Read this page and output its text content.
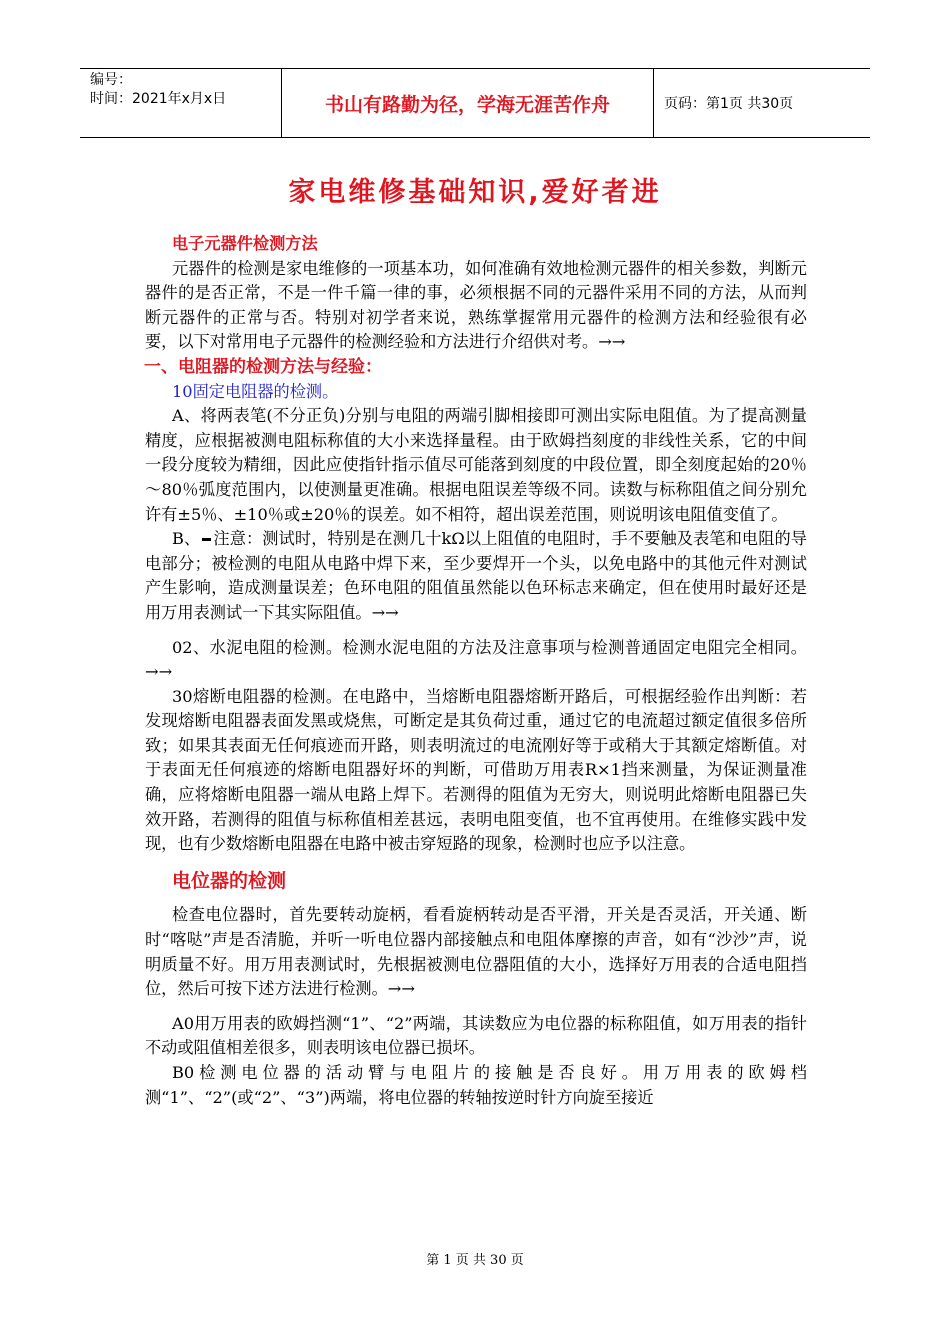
编号：
时间：2021年x月x日	书山有路勤为径，学海无涯苦作舟	页码：第1页 共30页
家电维修基础知识,爱好者进

电子元器件检测方法

元器件的检测是家电维修的一项基本功，如何准确有效地检测元器件的相关参数，判断元器件的是否正常，不是一件千篇一律的事，必须根据不同的元器件采用不同的方法，从而判断元器件的正常与否。特别对初学者来说，熟练掌握常用元器件的检测方法和经验很有必要，以下对常用电子元器件的检测经验和方法进行介绍供对考。→→

一、电阻器的检测方法与经验：

10固定电阻器的检测。

A、将两表笔(不分正负)分别与电阻的两端引脚相接即可测出实际电阻值。为了提高测量精度，应根据被测电阻标称值的大小来选择量程。由于欧姆挡刻度的非线性关系，它的中间一段分度较为精细，因此应使指针指示值尽可能落到刻度的中段位置，即全刻度起始的20％～80％弧度范围内，以使测量更准确。根据电阻误差等级不同。读数与标称阻值之间分别允许有±5％、±10％或±20％的误差。如不相符，超出误差范围，则说明该电阻值变值了。

B、 注意：测试时，特别是在测几十kΩ以上阻值的电阻时，手不要触及表笔和电阻的导电部分；被检测的电阻从电路中焊下来，至少要焊开一个头，以免电路中的其他元件对测试产生影响，造成测量误差；色环电阻的阻值虽然能以色环标志来确定，但在使用时最好还是用万用表测试一下其实际阻值。→→

02、水泥电阻的检测。检测水泥电阻的方法及注意事项与检测普通固定电阻完全相同。→→

30熔断电阻器的检测。在电路中，当熔断电阻器熔断开路后，可根据经验作出判断：若发现熔断电阻器表面发黑或烧焦，可断定是其负荷过重，通过它的电流超过额定值很多倍所致；如果其表面无任何痕迹而开路，则表明流过的电流刚好等于或稍大于其额定熔断值。对于表面无任何痕迹的熔断电阻器好坏的判断，可借助万用表R×1挡来测量，为保证测量准确，应将熔断电阻器一端从电路上焊下。若测得的阻值为无穷大，则说明此熔断电阻器已失效开路，若测得的阻值与标称值相差甚远，表明电阻变值，也不宜再使用。在维修实践中发现，也有少数熔断电阻器在电路中被击穿短路的现象，检测时也应予以注意。

电位器的检测

检查电位器时，首先要转动旋柄，看看旋柄转动是否平滑，开关是否灵活，开关通、断时“喀哒”声是否清脆，并听一听电位器内部接触点和电阻体摩擦的声音，如有“沙沙”声，说明质量不好。用万用表测试时，先根据被测电位器阻值的大小，选择好万用表的合适电阻挡位，然后可按下述方法进行检测。→→

A0用万用表的欧姆挡测“1”、“2”两端，其读数应为电位器的标称阻值，如万用表的指针不动或阻值相差很多，则表明该电位器已损坏。

B0检测电位器的活动臂与电阻片的接触是否良好。用万用表的欧姆档测“1”、“2”(或“2”、“3”)两端，将电位器的转轴按逆时针方向旋至接近

第 1 页 共 30 页
